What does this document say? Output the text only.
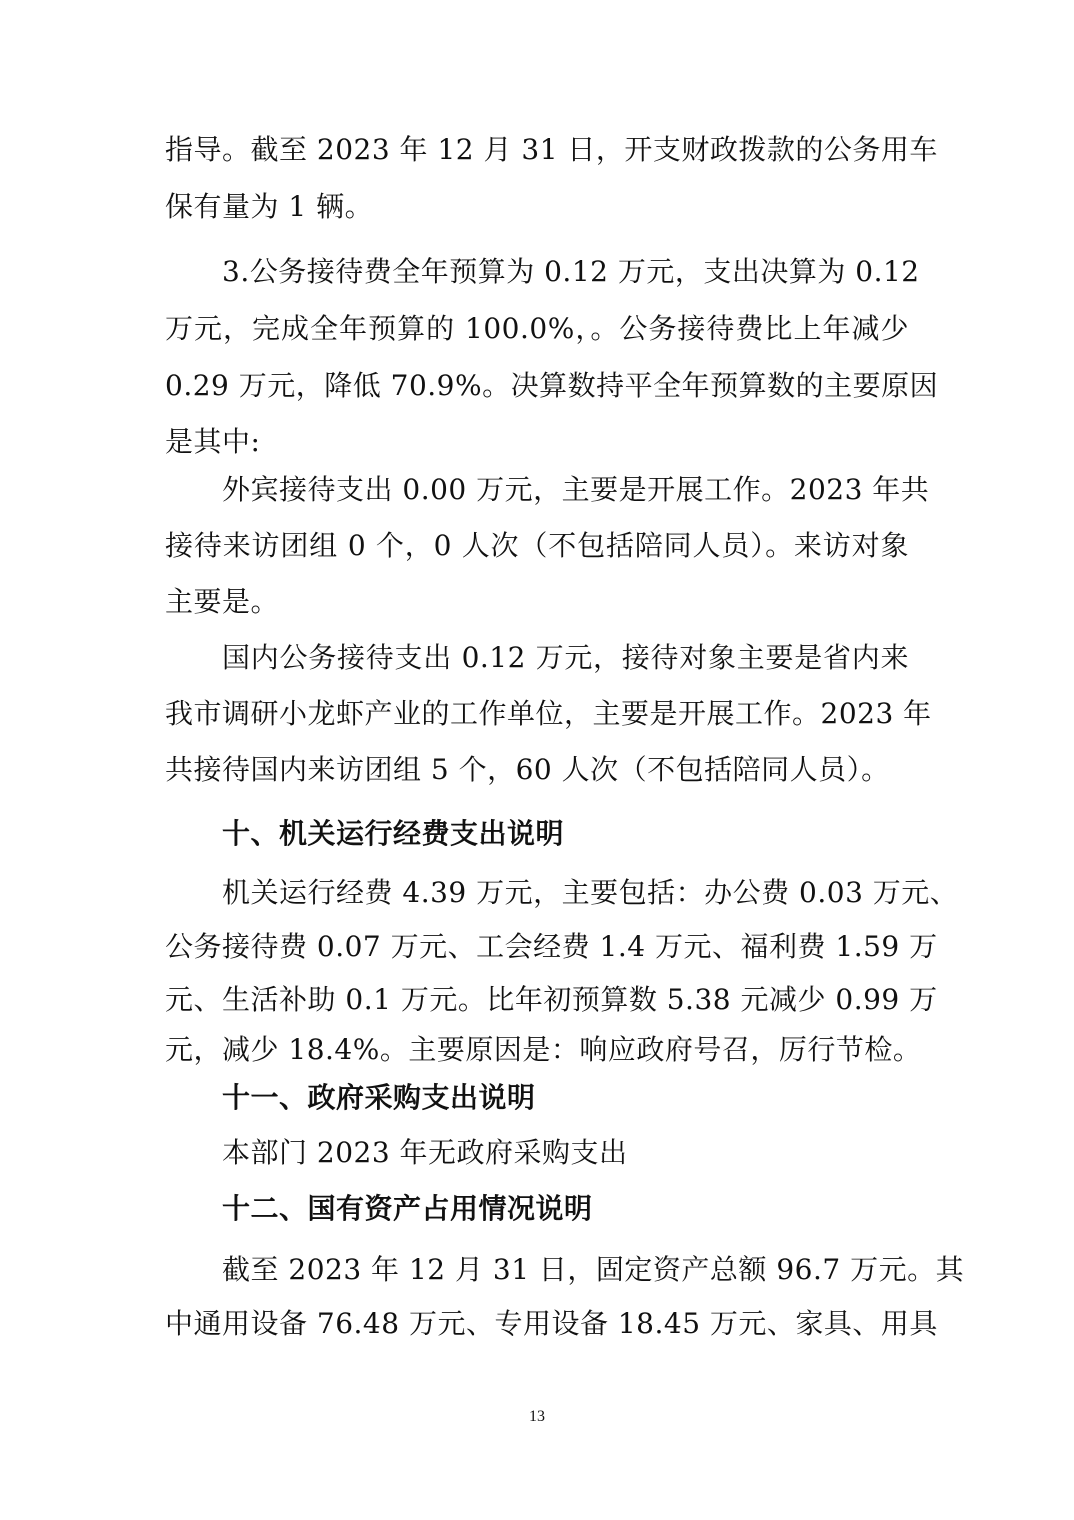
指导。截至 2023 年 12 月 31 日，开支财政拨款的公务用车
保有量为 1 辆。
3.公务接待费全年预算为 0.12 万元，支出决算为 0.12
万元，完成全年预算的 100.0%，。公务接待费比上年减少
0.29 万元，降低 70.9%。决算数持平全年预算数的主要原因
是其中:
外宾接待支出 0.00 万元，主要是开展工作。2023 年共
接待来访团组 0 个，0 人次（不包括陪同人员）。来访对象
主要是。
国内公务接待支出 0.12 万元，接待对象主要是省内来
我市调研小龙虾产业的工作单位，主要是开展工作。2023 年
共接待国内来访团组 5 个，60 人次（不包括陪同人员）。
十、机关运行经费支出说明
机关运行经费 4.39 万元，主要包括：办公费 0.03 万元、
公务接待费 0.07 万元、工会经费 1.4 万元、福利费 1.59 万
元、生活补助 0.1 万元。比年初预算数 5.38 元减少 0.99 万
元，减少 18.4%。主要原因是：响应政府号召，厉行节检。
十一、政府采购支出说明
本部门 2023 年无政府采购支出
十二、国有资产占用情况说明
截至 2023 年 12 月 31 日，固定资产总额 96.7 万元。其
中通用设备 76.48 万元、专用设备 18.45 万元、家具、用具
13
